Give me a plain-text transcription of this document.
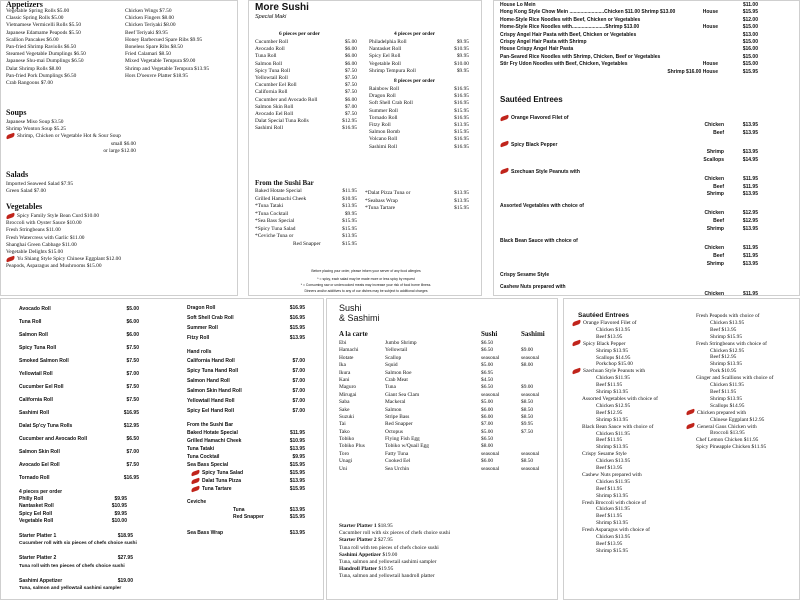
Appetizers
Vegetable Spring Rolls $5.00
Classic Spring Rolls $5.00
Vietnamese Vermicelli Rolls $5.50
Japanese Edamame Peapods $5.50
Scallion Pancakes $6.00
Pan-fried Shrimp Raviolis $6.50
Steamed Vegetable Dumplings $6.50
Japanese Shu-mai Dumplings $6.50
Dalat Shrimp Rolls $8.00
Pan-fried Pork Dumplings $6.50
Crab Rangoons $7.00
Chicken Wings $7.50
Chicken Fingers $8.00
Chicken Teriyaki $8.00
Beef Teriyaki $9.95
Honey Barbecued Spare Ribs $9.95
Boneless Spare Ribs $8.50
Fried Calamari $8.50
Mixed Vegetable Tempura $9.00
Shrimp and Vegetable Tempura $13.95
Hors D'oeuvre Platter $18.95
Soups
Japanese Miso Soup $3.50
Shrimp Wonton Soup $5.25
Shrimp, Chicken or Vegetable Hot & Sour Soup
small $6.00
or large $12.00
Salads
Imported Seaweed Salad $7.95
Green Salad $7.00
Vegetables
Spicy Family Style Bean Curd $10.00
Broccoli with Oyster Sauce $10.00
Fresh Stringbeans $11.00
Fresh Watercress with Garlic $11.00
Shanghai Green Cabbage $11.00
Vegetable Delights $15.00
Yu Shiang Style Spicy Chinese Eggplant $12.00
Peapods, Asparagus and Mushrooms $15.00
More Sushi
Special Maki
6 pieces per order
Cucumber Roll	$5.00
Avocado Roll	$6.00
Tuna Roll	$6.00
Salmon Roll	$6.00
Spicy Tuna Roll	$7.50
Yellowtail Roll	$7.50
Cucumber Eel Roll	$7.50
California Roll	$7.50
Cucumber and Avocado Roll	$6.00
Salmon Skin Roll	$7.00
Avocado Eel Roll	$7.50
Dalat Special Tuna Rolls	$12.95
Sashimi Roll	$16.95
4 pieces per order
Philadelphia Roll	$9.95
Nantasket Roll	$10.95
Spicy Eel Roll	$9.95
Vegetable Roll	$10.00
Shrimp Tempura Roll	$9.95
8 pieces per order
Rainbow Roll	$16.95
Dragon Roll	$16.95
Soft Shell Crab Roll	$16.95
Summer Roll	$15.95
Tornado Roll	$16.95
Fitzy Roll	$13.95
Salmon Bomb	$15.95
Volcano Roll	$16.95
Sashimi Roll	$16.95
From the Sushi Bar
Baked Hotate Special	$11.95
Grilled Hamachi Cheek	$10.95
*Tuna Tataki	$13.95
*Tuna Cocktail	$9.95
*Sea Bass Special	$15.95
*Spicy Tuna Salad	$15.95
*Ceviche Tuna or	$13.95
Red Snapper	$15.95
*Dalat Pizza Tuna or	$13.95
*Seabass Wrap	$13.95
*Tuna Tartare	$15.95
Before placing your order, please inform your server of any food allergies
* = spicy, each salad may be made more or less spicy by request
* = Consuming raw or undercooked meats may increase your risk of food borne illness.
Dinners and/or additives to any of our dishes may be subject to additional charges
House Lo Mein	$11.00
Hong Kong Style Chow Mein .........................Chicken $11.00 Shrimp $13.00	House	$15.95
Home-Style Rice Noodles with Beef, Chicken or Vegetables	$12.00
Home-Style Rice Noodles with........................Shrimp $13.00	House	$15.00
Crispy Angel Hair Pasta with Beef, Chicken or Vegetables	$13.00
Crispy Angel Hair Pasta with Shrimp	$15.00
House Crispy Angel Hair Pasta	$16.00
Pan-Seared Rice Noodles with Shrimp, Chicken, Beef or Vegetables	$15.00
Stir Fry Udon Noodles with Beef, Chicken, Vegetables	House	$15.00
Shrimp $16.00 House	$15.95
Sautéed Entrees
Orange Flavored Filet of
Chicken	$13.95
Beef	$13.95
Spicy Black Pepper
Shrimp	$13.95
Scallops	$14.95
Szechuan Style Peanuts with
Chicken	$11.95
Beef	$11.95
Shrimp	$13.95
Assorted Vegetables with choice of
Chicken	$12.95
Beef	$12.95
Shrimp	$13.95
Black Bean Sauce with choice of
Chicken	$11.95
Beef	$11.95
Shrimp	$13.95
Crispy Sesame Style
Cashew Nuts prepared with
Chicken	$11.95
Avocado Roll	$5.00
Tuna Roll	$6.00
Salmon Roll	$6.00
Spicy Tuna Roll	$7.50
Smoked Salmon Roll	$7.50
Yellowtail Roll	$7.00
Cucumber Eel Roll	$7.50
California Roll	$7.50
Sashimi Roll	$16.95
Dalat Sp'cy Tuna Rolls	$12.95
Cucumber and Avocado Roll	$6.50
Salmon Skin Roll	$7.00
Avocado Eel Roll	$7.50
Tornado Roll	$16.95
4 pieces per order
Philly Roll	$9.95
Nantasket Roll	$10.95
Spicy Eel Roll	$9.95
Vegetable Roll	$10.00
Starter Platter 1	$18.95
Cucumber roll with six pieces of chefs choice sushi
Starter Platter 2	$27.95
Tuna roll with ten pieces of chefs choice sushi
Sashimi Appetizer	$19.00
Tuna, salmon and yellowtail sashimi sampler
Dragon Roll	$16.95
Soft Shell Crab Roll	$16.95
Summer Roll	$15.95
Fitzy Roll	$13.95
Hand rolls
California Hand Roll	$7.00
Spicy Tuna Hand Roll	$7.00
Salmon Hand Roll	$7.00
Salmon Skin Hand Roll	$7.00
Yellowtail Hand Roll	$7.00
Spicy Eel Hand Roll	$7.00
From the Sushi Bar
Baked Hotate Special	$11.95
Grilled Hamachi Cheek	$10.95
Tuna Tataki	$13.95
Tuna Cocktail	$9.95
Sea Bass Special	$15.95
Spicy Tuna Salad	$15.95
Dalat Tuna Pizza	$13.95
Tuna Tartare	$15.95
Ceviche
Tuna	$13.95
Red Snapper	$15.95
Sea Bass Wrap	$13.95
Sushi
& Sashimi
A la carte	Sushi	Sashimi
Ebi	Jumbo Shrimp	$6.50
Hamachi	Yellowtail	$6.50	$9.00
Hotate	Scallop	seasonal	seasonal
Ika	Squid	$5.00	$8.00
Ikura	Salmon Roe	$6.95
Kani	Crab Meat	$4.50
Maguro	Tuna	$6.50	$9.00
Mirugai	Giant Sea Clam	seasonal	seasonal
Saba	Mackeral	$5.00	$8.50
Sake	Salmon	$6.00	$8.50
Suzuki	Stripe Bass	$6.00	$8.50
Tai	Red Snapper	$7.00	$9.95
Tako	Octopus	$5.00	$7.50
Tobiko	Flying Fish Egg	$6.50
Tobiko Plus	Tobiko w/Quail Egg	$8.00
Toro	Fatty Tuna	seasonal	seasonal
Unagi	Cooked Eel	$6.00	$8.50
Uni	Sea Urchin	seasonal	seasonal
Starter Platter 1 $18.95
Cucumber roll with six pieces of chefs choice sushi
Starter Platter 2 $27.95
Tuna roll with ten pieces of chefs choice sushi
Sashimi Appetizer $19.00
Tuna, salmon and yellowtail sashimi sampler
Handroll Platter $19.95
Tuna, salmon and yellowtail handroll platter
Sautéed Entrees
Orange Flavored Filet of
Chicken $13.95
Beef $13.95
Spicy Black Pepper
Shrimp $13.95
Scallops $14.95
Porkchop $15.00
Szechuan Style Peanuts with
Chicken $11.95
Beef $11.95
Shrimp $13.95
Assorted Vegetables with choice of
Chicken $12.95
Beef $12.95
Shrimp $13.95
Black Bean Sauce with choice of
Chicken $11.95
Beef $11.95
Shrimp $13.95
Crispy Sesame Style
Chicken $13.95
Beef $13.95
Cashew Nuts prepared with
Chicken $11.95
Beef $11.95
Shrimp $13.95
Fresh Broccoli with choice of
Chicken $11.95
Beef $11.95
Shrimp $13.95
Fresh Asparagus with choice of
Chicken $13.95
Beef $13.95
Shrimp $15.95
Fresh Peapods with choice of
Chicken $13.95
Beef $13.95
Shrimp $15.95
Fresh Stringbeans with choice of
Chicken $12.95
Beef $12.95
Shrimp $13.95
Pork $10.95
Ginger and Scallions with choice of
Chicken $11.95
Beef $11.95
Shrimp $13.95
Scallops $14.95
Chicken prepared with
Chinese Eggplant $12.95
General Gaus Chicken with
Broccoli $13.95
Chef Lemon Chicken $11.95
Spicy Pineapple Chicken $11.95
